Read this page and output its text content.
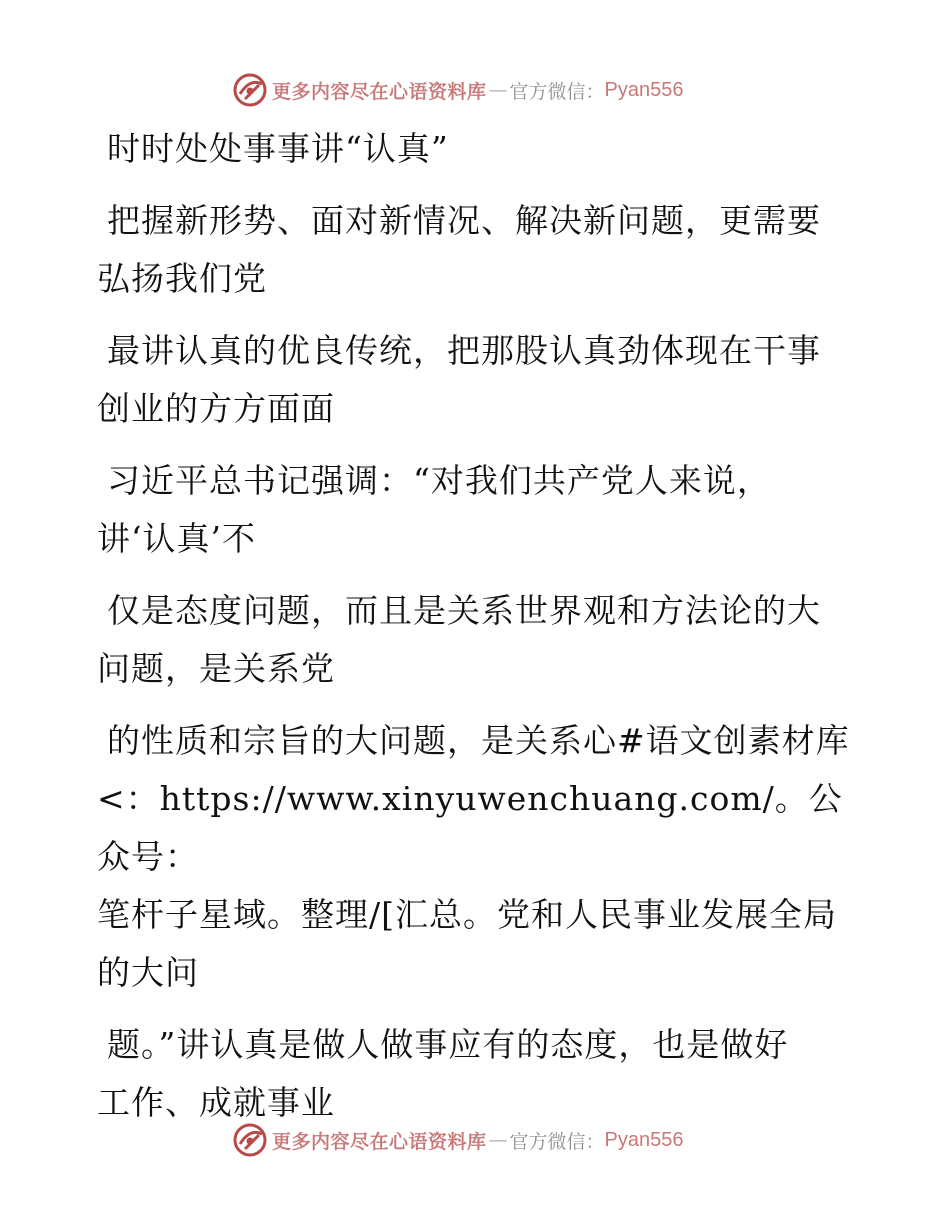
更多内容尽在心语资料库 — 官方微信： Pyan556

时时处处事事讲“认真”

把握新形势、面对新情况、解决新问题，更需要
弘扬我们党

最讲认真的优良传统，把那股认真劲体现在干事
创业的方方面面

习近平总书记强调：“对我们共产党人来说，
讲‘认真’不

仅是态度问题，而且是关系世界观和方法论的大
问题，是关系党

的性质和宗旨的大问题，是关系心#语文创素材库
<：https://www.xinyuwenchuang.com/。公众号：
笔杆子星域。整理/[汇总。党和人民事业发展全局
的大问

题。”讲认真是做人做事应有的态度，也是做好
工作、成就事业

更多内容尽在心语资料库 — 官方微信： Pyan556
